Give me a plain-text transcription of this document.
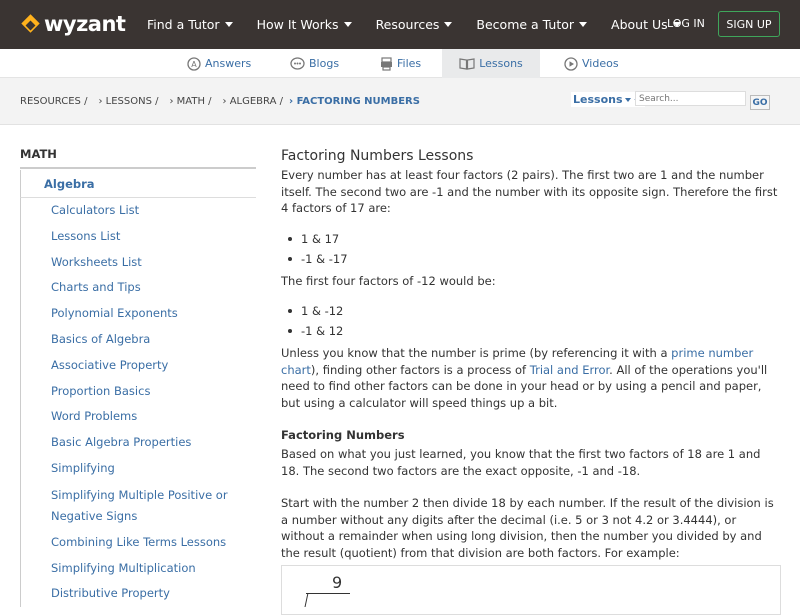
wyzant Find a Tutor	How It Works	Resources	Become a Tutor	About Us LOG IN	SIGN UP
A Answers	Blogs	Files	Lessons	Videos
RESOURCES / › LESSONS / › MATH / › ALGEBRA / › FACTORING NUMBERS	Lessons
Search...	GO
MATH
Algebra
Calculators List
Lessons List
Worksheets List
Charts and Tips
Polynomial Exponents
Basics of Algebra
Associative Property
Proportion Basics
Word Problems
Basic Algebra Properties
Simplifying
Simplifying Multiple Positive or Negative Signs
Combining Like Terms Lessons
Simplifying Multiplication
Distributive Property
Factoring Numbers Lessons

Every number has at least four factors (2 pairs). The first two are 1 and the number itself. The second two are -1 and the number with its opposite sign. Therefore the first 4 factors of 17 are:

1 & 17
-1 & -17

The first four factors of -12 would be:

1 & -12
-1 & 12

Unless you know that the number is prime (by referencing it with a prime number chart), finding other factors is a process of Trial and Error. All of the operations you'll need to find other factors can be done in your head or by using a pencil and paper, but using a calculator will speed things up a bit.

Factoring Numbers

Based on what you just learned, you know that the first two factors of 18 are 1 and 18. The second two factors are the exact opposite, -1 and -18.

Start with the number 2 then divide 18 by each number. If the result of the division is a number without any digits after the decimal (i.e. 5 or 3 not 4.2 or 3.4444), or without a remainder when using long division, then the number you divided by and the result (quotient) from that division are both factors. For example:

9
